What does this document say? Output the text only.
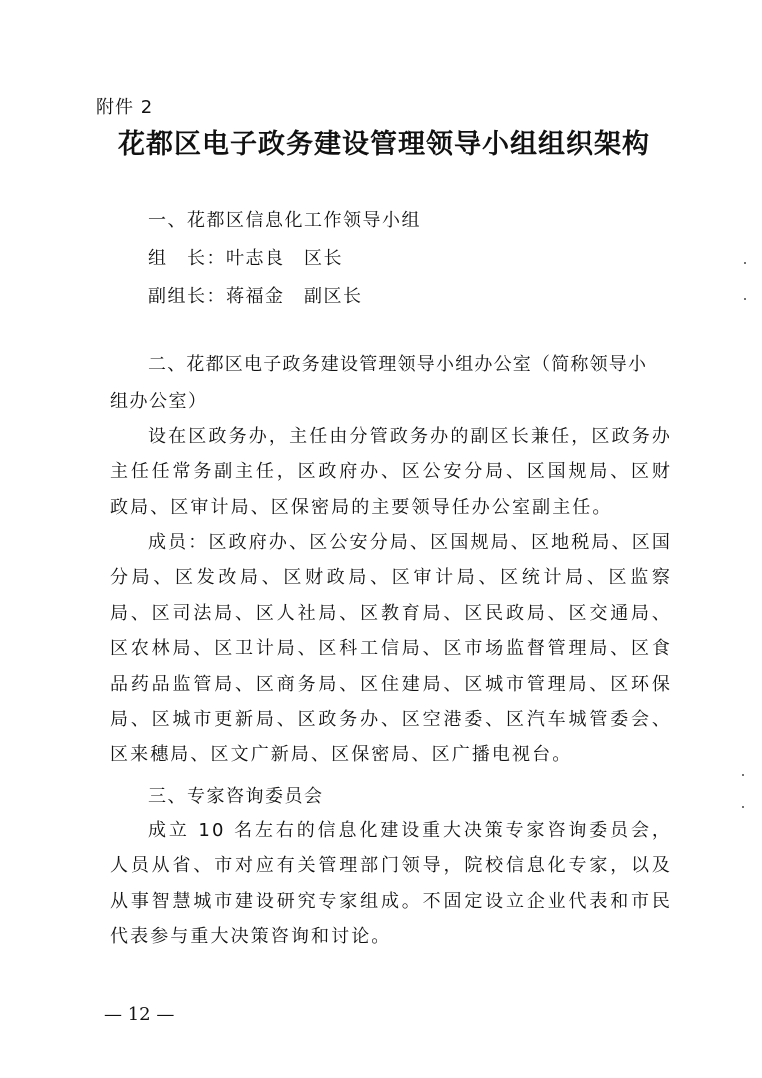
附件 2
花都区电子政务建设管理领导小组组织架构
一、花都区信息化工作领导小组
组　长：叶志良　区长
副组长：蒋福金　副区长
二、花都区电子政务建设管理领导小组办公室（简称领导小
组办公室）
设在区政务办，主任由分管政务办的副区长兼任，区政务办主任任常务副主任，区政府办、区公安分局、区国规局、区财政局、区审计局、区保密局的主要领导任办公室副主任。
成员：区政府办、区公安分局、区国规局、区地税局、区国分局、区发改局、区财政局、区审计局、区统计局、区监察局、区司法局、区人社局、区教育局、区民政局、区交通局、区农林局、区卫计局、区科工信局、区市场监督管理局、区食品药品监管局、区商务局、区住建局、区城市管理局、区环保局、区城市更新局、区政务办、区空港委、区汽车城管委会、区来穗局、区文广新局、区保密局、区广播电视台。
三、专家咨询委员会
成立 10 名左右的信息化建设重大决策专家咨询委员会，人员从省、市对应有关管理部门领导，院校信息化专家，以及从事智慧城市建设研究专家组成。不固定设立企业代表和市民代表参与重大决策咨询和讨论。
— 12 —
